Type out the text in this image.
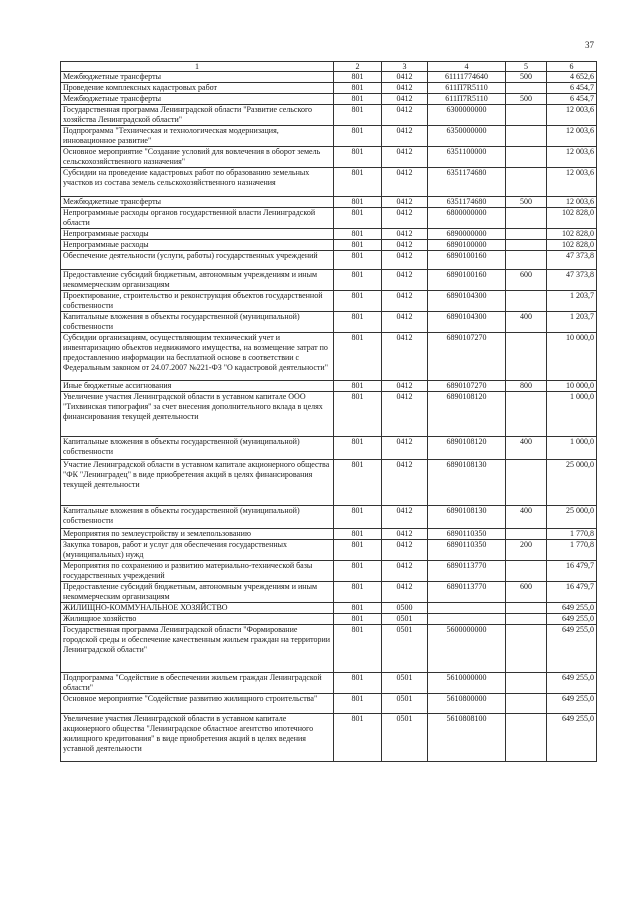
37
1	2	3	4	5	6
Межбюджетные трансферты	801	0412	61111774640	500	4 652,6
Проведение комплексных кадастровых работ	801	0412	611П7R5110		6 454,7
Межбюджетные трансферты	801	0412	611П7R5110	500	6 454,7
Государственная программа Ленинградской области "Развитие сельского хозяйства Ленинградской области"	801	0412	6300000000		12 003,6
Подпрограмма "Техническая и технологическая модернизация, инновационное развитие"	801	0412	6350000000		12 003,6
Основное мероприятие "Создание условий для вовлечения в оборот земель сельскохозяйственного назначения"	801	0412	6351100000		12 003,6
Субсидии на проведение кадастровых работ по образованию земельных участков из состава земель сельскохозяйственного назначения	801	0412	6351174680		12 003,6
Межбюджетные трансферты	801	0412	6351174680	500	12 003,6
Непрограммные расходы органов государственной власти Ленинградской области	801	0412	6800000000		102 828,0
Непрограммные расходы	801	0412	6890000000		102 828,0
Непрограммные расходы	801	0412	6890100000		102 828,0
Обеспечение деятельности (услуги, работы) государственных учреждений	801	0412	6890100160		47 373,8
Предоставление субсидий бюджетным, автономным учреждениям и иным некоммерческим организациям	801	0412	6890100160	600	47 373,8
Проектирование, строительство и реконструкция объектов государственной собственности	801	0412	6890104300		1 203,7
Капитальные вложения в объекты государственной (муниципальной) собственности	801	0412	6890104300	400	1 203,7
Субсидии организациям, осуществляющим технический учет и инвентаризацию объектов недвижимого имущества, на возмещение затрат по предоставлению информации на бесплатной основе в соответствии с Федеральным законом от 24.07.2007 №221-ФЗ "О кадастровой деятельности"	801	0412	6890107270		10 000,0
Иные бюджетные ассигнования	801	0412	6890107270	800	10 000,0
Увеличение участия Ленинградской области в уставном капитале ООО "Тихвинская типография" за счет внесения дополнительного вклада в целях финансирования текущей деятельности	801	0412	6890108120		1 000,0
Капитальные вложения в объекты государственной (муниципальной) собственности	801	0412	6890108120	400	1 000,0
Участие Ленинградской области в уставном капитале акционерного общества "ФК "Ленинградец" в виде приобретения акций в целях финансирования текущей деятельности	801	0412	6890108130		25 000,0
Капитальные вложения в объекты государственной (муниципальной) собственности	801	0412	6890108130	400	25 000,0
Мероприятия по землеустройству и землепользованию	801	0412	6890110350		1 770,8
Закупка товаров, работ и услуг для обеспечения государственных (муниципальных) нужд	801	0412	6890110350	200	1 770,8
Мероприятия по сохранению и развитию материально-технической базы государственных учреждений	801	0412	6890113770		16 479,7
Предоставление субсидий бюджетным, автономным учреждениям и иным некоммерческим организациям	801	0412	6890113770	600	16 479,7
ЖИЛИЩНО-КОММУНАЛЬНОЕ ХОЗЯЙСТВО	801	0500			649 255,0
Жилищное хозяйство	801	0501			649 255,0
Государственная программа Ленинградской области "Формирование городской среды и обеспечение качественным жильем граждан на территории Ленинградской области"	801	0501	5600000000		649 255,0
Подпрограмма "Содействие в обеспечении жильем граждан Ленинградской области"	801	0501	5610000000		649 255,0
Основное мероприятие "Содействие развитию жилищного строительства"	801	0501	5610800000		649 255,0
Увеличение участия Ленинградской области в уставном капитале акционерного общества "Ленинградское областное агентство ипотечного жилищного кредитования" в виде приобретения акций в целях ведения уставной деятельности	801	0501	5610808100		649 255,0
